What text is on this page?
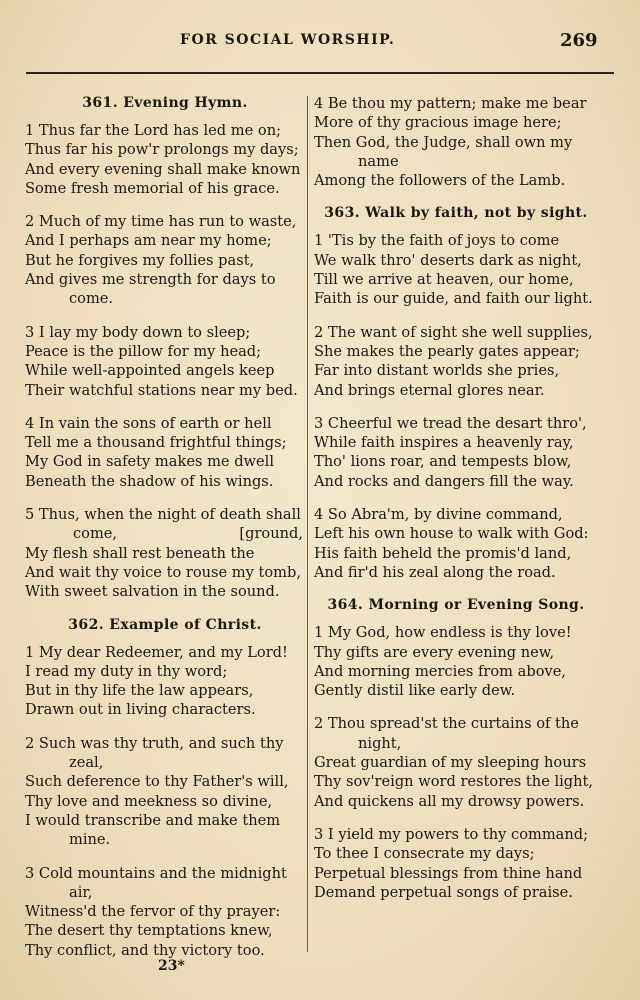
FOR SOCIAL WORSHIP.	269
361. Evening Hymn.
1 Thus far the Lord has led me on;
Thus far his pow'r prolongs my days;
And every evening shall make known
Some fresh memorial of his grace.
2 Much of my time has run to waste,
And I perhaps am near my home;
But he forgives my follies past,
And gives me strength for days to
come.
3 I lay my body down to sleep;
Peace is the pillow for my head;
While well-appointed angels keep
Their watchful stations near my bed.
4 In vain the sons of earth or hell
Tell me a thousand frightful things;
My God in safety makes me dwell
Beneath the shadow of his wings.
5 Thus, when the night of death shall
come,	[ground,
My flesh shall rest beneath the
And wait thy voice to rouse my tomb,
With sweet salvation in the sound.
362. Example of Christ.
1 My dear Redeemer, and my Lord!
I read my duty in thy word;
But in thy life the law appears,
Drawn out in living characters.
2 Such was thy truth, and such thy
zeal,
Such deference to thy Father's will,
Thy love and meekness so divine,
I would transcribe and make them
mine.
3 Cold mountains and the midnight
air,
Witness'd the fervor of thy prayer:
The desert thy temptations knew,
Thy conflict, and thy victory too.
4 Be thou my pattern; make me bear
More of thy gracious image here;
Then God, the Judge, shall own my
name
Among the followers of the Lamb.
363. Walk by faith, not by sight.
1 'Tis by the faith of joys to come
We walk thro' deserts dark as night,
Till we arrive at heaven, our home,
Faith is our guide, and faith our light.
2 The want of sight she well supplies,
She makes the pearly gates appear;
Far into distant worlds she pries,
And brings eternal glores near.
3 Cheerful we tread the desart thro',
While faith inspires a heavenly ray,
Tho' lions roar, and tempests blow,
And rocks and dangers fill the way.
4 So Abra'm, by divine command,
Left his own house to walk with God:
His faith beheld the promis'd land,
And fir'd his zeal along the road.
364. Morning or Evening Song.
1 My God, how endless is thy love!
Thy gifts are every evening new,
And morning mercies from above,
Gently distil like early dew.
2 Thou spread'st the curtains of the
night,
Great guardian of my sleeping hours
Thy sov'reign word restores the light,
And quickens all my drowsy powers.
3 I yield my powers to thy command;
To thee I consecrate my days;
Perpetual blessings from thine hand
Demand perpetual songs of praise.
23*
